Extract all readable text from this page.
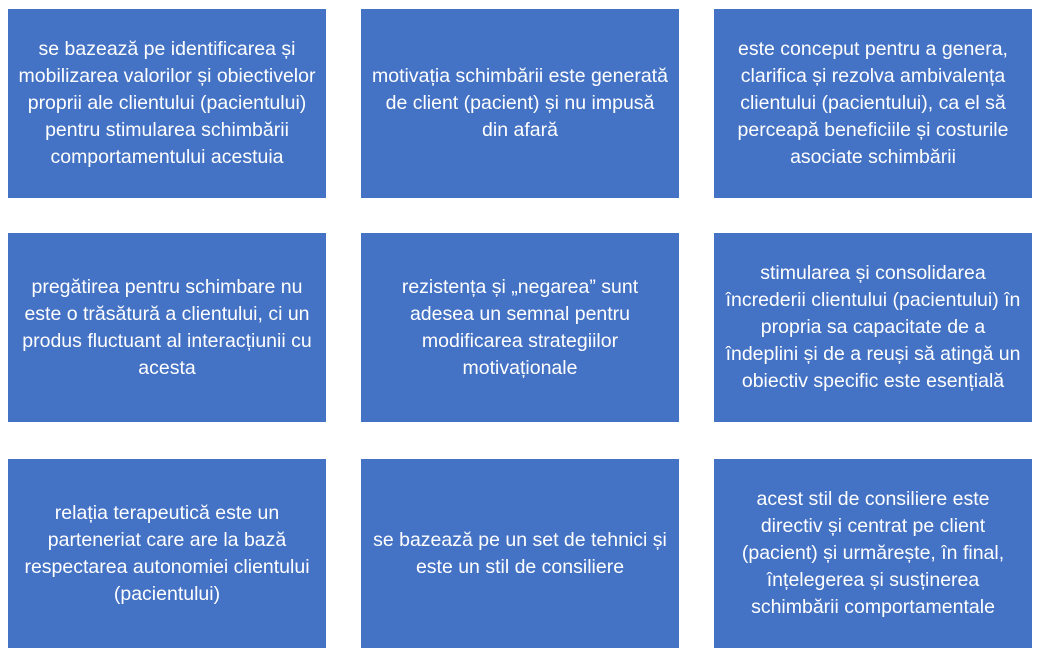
se bazează pe identificarea și mobilizarea valorilor și obiectivelor proprii ale clientului (pacientului) pentru stimularea schimbării comportamentului acestuia
motivația schimbării este generată de client (pacient) și nu impusă din afară
este conceput pentru a genera, clarifica și rezolva ambivalența clientului (pacientului), ca el să perceapă beneficiile și costurile asociate schimbării
pregătirea pentru schimbare nu este o trăsătură a clientului, ci un produs fluctuant al interacțiunii cu acesta
rezistența și „negarea” sunt adesea un semnal pentru modificarea strategiilor motivaționale
stimularea și consolidarea încrederii clientului (pacientului) în propria sa capacitate de a îndeplini și de a reuși să atingă un obiectiv specific este esențială
relația terapeutică este un parteneriat care are la bază respectarea autonomiei clientului (pacientului)
se bazează pe un set de tehnici și este un stil de consiliere
acest stil de consiliere este directiv și centrat pe client (pacient) și urmărește, în final, înțelegerea și susținerea schimbării comportamentale
